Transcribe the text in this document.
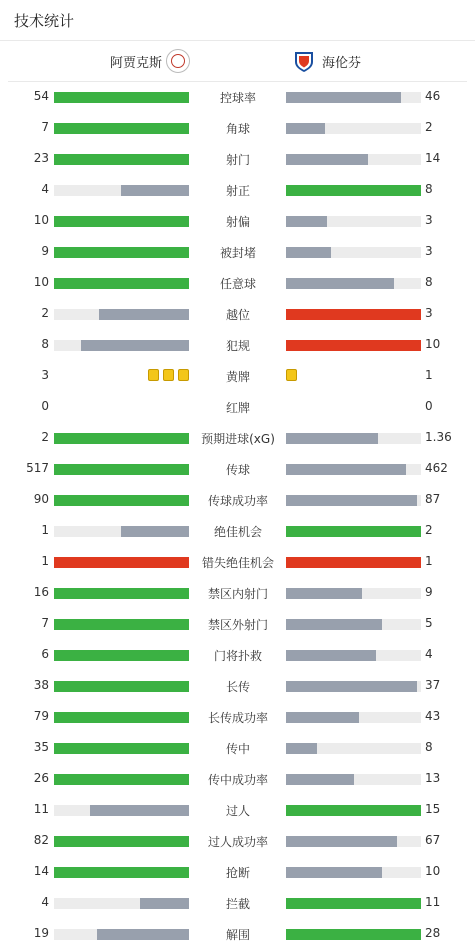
技术统计
阿贾克斯	海伦芬
54	控球率	46
7	角球	2
23	射门	14
4	射正	8
10	射偏	3
9	被封堵	3
10	任意球	8
2	越位	3
8	犯规	10
3	黄牌	1
0	红牌	0
2	预期进球(xG)	1.36
517	传球	462
90	传球成功率	87
1	绝佳机会	2
1	错失绝佳机会	1
16	禁区内射门	9
7	禁区外射门	5
6	门将扑救	4
38	长传	37
79	长传成功率	43
35	传中	8
26	传中成功率	13
11	过人	15
82	过人成功率	67
14	抢断	10
4	拦截	11
19	解围	28
